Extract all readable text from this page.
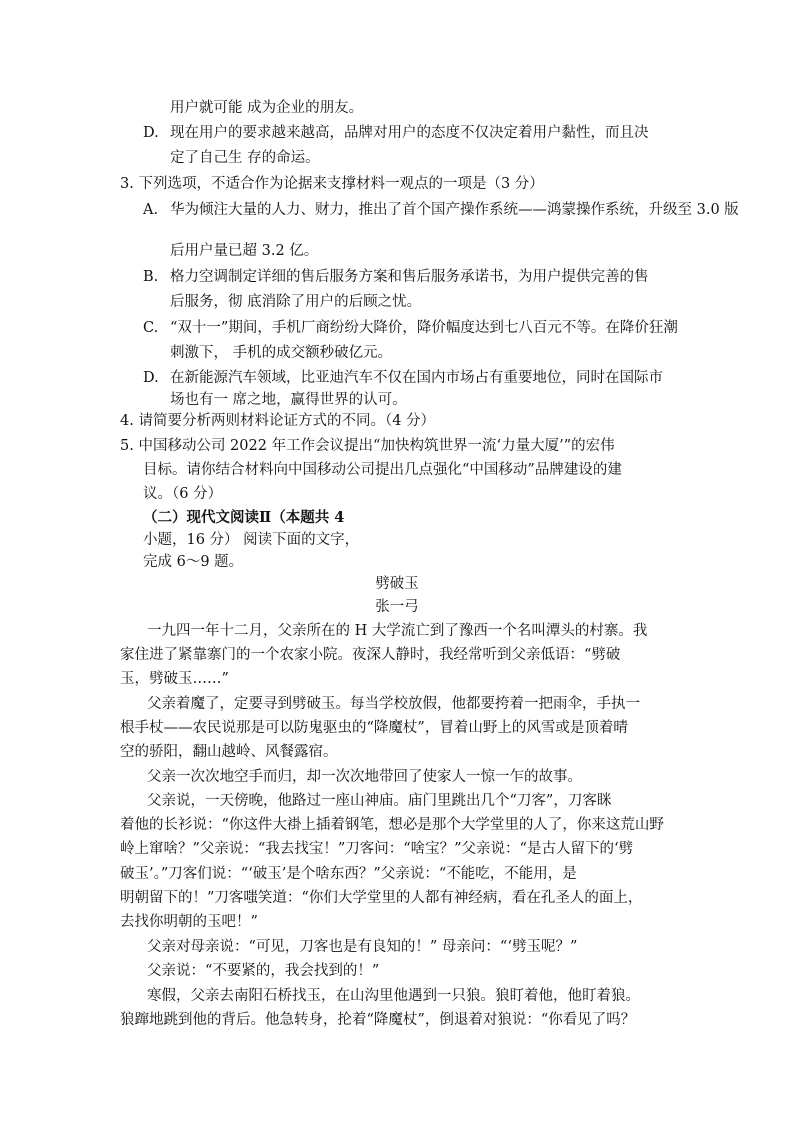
用户就可能 成为企业的朋友。
D. 现在用户的要求越来越高，品牌对用户的态度不仅决定着用户黏性，而且决
定了自己生 存的命运。
3. 下列选项，不适合作为论据来支撑材料一观点的一项是（3 分）
A. 华为倾注大量的人力、财力，推出了首个国产操作系统——鸿蒙操作系统，升级至 3.0 版
后用户量已超 3.2 亿。
B. 格力空调制定详细的售后服务方案和售后服务承诺书，为用户提供完善的售
后服务，彻 底消除了用户的后顾之忧。
C. “双十一”期间，手机厂商纷纷大降价，降价幅度达到七八百元不等。在降价狂潮
刺激下， 手机的成交额秒破亿元。
D. 在新能源汽车领域，比亚迪汽车不仅在国内市场占有重要地位，同时在国际市
场也有一 席之地，赢得世界的认可。
4. 请简要分析两则材料论证方式的不同。（4 分）
5. 中国移动公司 2022 年工作会议提出“加快构筑世界一流‘力量大厦’”的宏伟
目标。请你结合材料向中国移动公司提出几点强化“中国移动”品牌建设的建
议。（6 分）
（二）现代文阅读Ⅱ（本题共 4
小题，16 分） 阅读下面的文字，
完成 6～9 题。
劈破玉
张一弓
一九四一年十二月，父亲所在的 H 大学流亡到了豫西一个名叫潭头的村寨。我
家住进了紧靠寨门的一个农家小院。夜深人静时，我经常听到父亲低语：“劈破
玉，劈破玉……”
父亲着魔了，定要寻到劈破玉。每当学校放假，他都要挎着一把雨伞，手执一
根手杖——农民说那是可以防鬼驱虫的“降魔杖”，冒着山野上的风雪或是顶着晴
空的骄阳，翻山越岭、风餐露宿。
父亲一次次地空手而归，却一次次地带回了使家人一惊一乍的故事。
父亲说，一天傍晚，他路过一座山神庙。庙门里跳出几个“刀客”，刀客眯
着他的长衫说：“你这件大褂上插着钢笔，想必是那个大学堂里的人了，你来这荒山野
岭上窜啥？”父亲说：“我去找宝！”刀客问：“啥宝？”父亲说：“是古人留下的‘劈
破玉’。”刀客们说：“‘破玉’是个啥东西？”父亲说：“不能吃，不能用，是
明朝留下的！”刀客嗤笑道：“你们大学堂里的人都有神经病，看在孔圣人的面上，
去找你明朝的玉吧！”
父亲对母亲说：“可见，刀客也是有良知的！” 母亲问：“‘劈玉呢？”
父亲说：“不要紧的，我会找到的！”
寒假，父亲去南阳石桥找玉，在山沟里他遇到一只狼。狼盯着他，他盯着狼。
狼蹿地跳到他的背后。他急转身，抡着“降魔杖”，倒退着对狼说：“你看见了吗？
